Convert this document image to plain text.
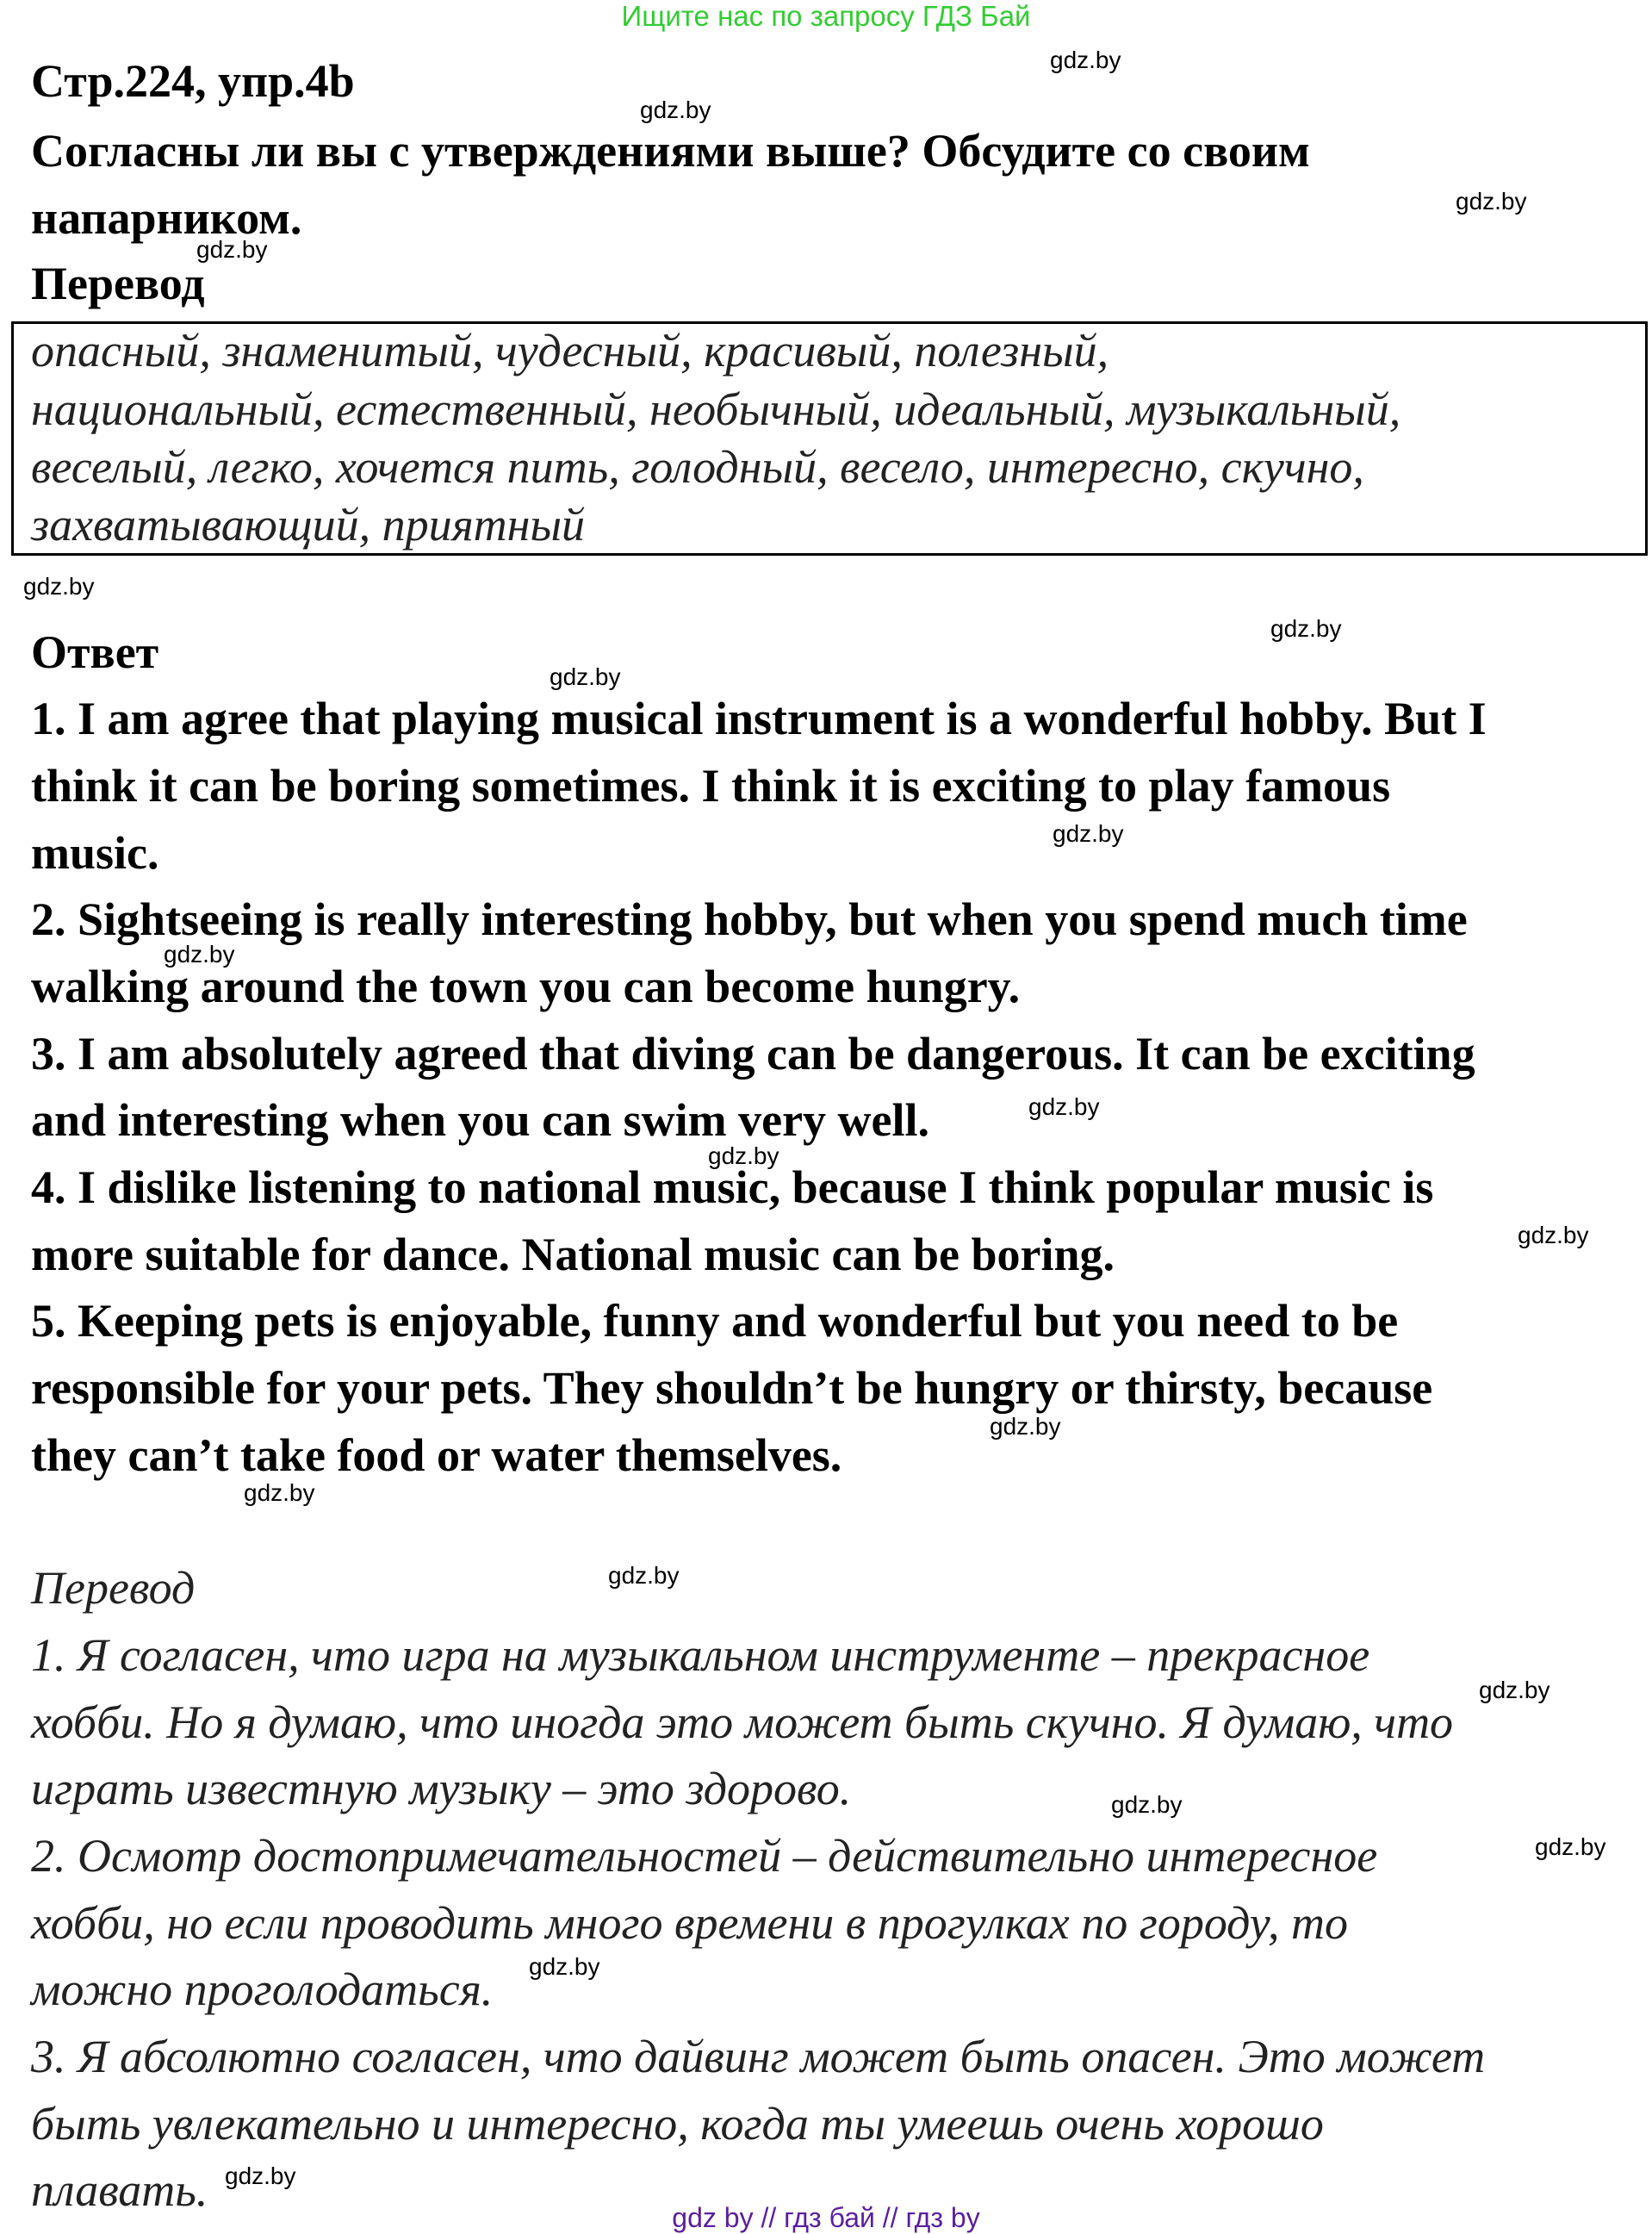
Ищите нас по запросу ГДЗ Бай
Стр.224, упр.4b
Согласны ли вы с утверждениями выше? Обсудите со своим
напарником.
Перевод
опасный, знаменитый, чудесный, красивый, полезный,
национальный, естественный, необычный, идеальный, музыкальный,
веселый, легко, хочется пить, голодный, весело, интересно, скучно,
захватывающий, приятный
Ответ
1. I am agree that playing musical instrument is a wonderful hobby. But I
think it can be boring sometimes. I think it is exciting to play famous
music.
2. Sightseeing is really interesting hobby, but when you spend much time
walking around the town you can become hungry.
3. I am absolutely agreed that diving can be dangerous. It can be exciting
and interesting when you can swim very well.
4. I dislike listening to national music, because I think popular music is
more suitable for dance. National music can be boring.
5. Keeping pets is enjoyable, funny and wonderful but you need to be
responsible for your pets. They shouldn’t be hungry or thirsty, because
they can’t take food or water themselves.
Перевод
1. Я согласен, что игра на музыкальном инструменте – прекрасное
хобби. Но я думаю, что иногда это может быть скучно. Я думаю, что
играть известную музыку – это здорово.
2. Осмотр достопримечательностей – действительно интересное
хобби, но если проводить много времени в прогулках по городу, то
можно проголодаться.
3. Я абсолютно согласен, что дайвинг может быть опасен. Это может
быть увлекательно и интересно, когда ты умеешь очень хорошо
плавать.
gdz.by
gdz.by
gdz.by
gdz.by
gdz.by
gdz.by
gdz.by
gdz.by
gdz.by
gdz.by
gdz.by
gdz.by
gdz.by
gdz.by
gdz.by
gdz.by
gdz.by
gdz.by
gdz.by
gdz.by
gdz by // гдз бай // гдз by
